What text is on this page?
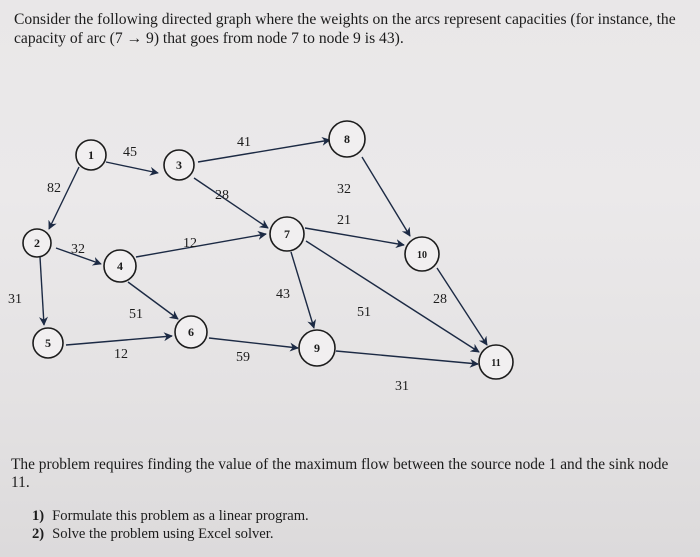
Consider the following directed graph where the weights on the arcs represent capacities (for instance, the capacity of arc (7 → 9) that goes from node 7 to node 9 is 43).

45
82
41
28	32
21
32	12
31
51
43
51
28
12	59
31
1
2
3
4
5
6
7
8
9
10
11

The problem requires finding the value of the maximum flow between the source node 1 and the sink node 11.

1) Formulate this problem as a linear program.
2) Solve the problem using Excel solver.
